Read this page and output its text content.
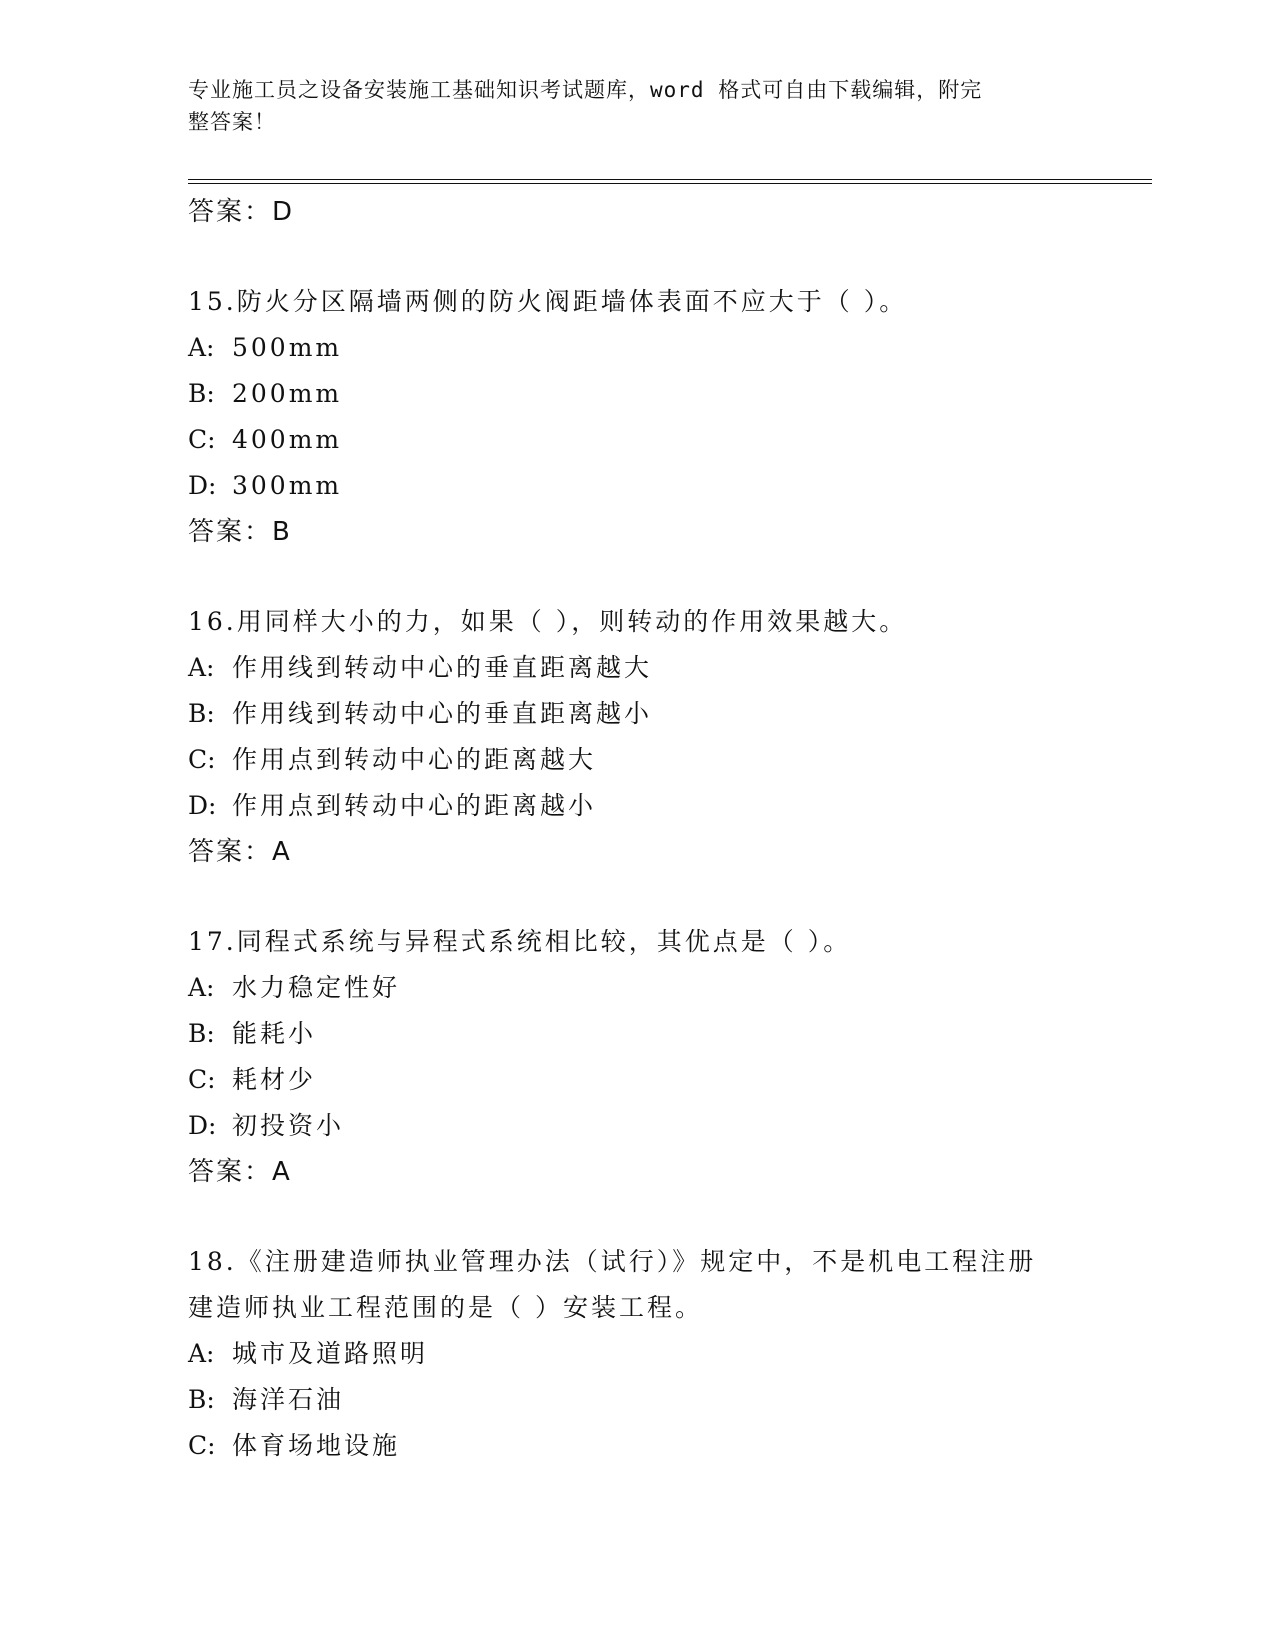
专业施工员之设备安装施工基础知识考试题库，word 格式可自由下载编辑，附完
整答案！
答案：D
15.防火分区隔墙两侧的防火阀距墙体表面不应大于（ ）。
A: 500mm
B: 200mm
C: 400mm
D: 300mm
答案：B
16.用同样大小的力，如果（ ），则转动的作用效果越大。
A: 作用线到转动中心的垂直距离越大
B: 作用线到转动中心的垂直距离越小
C: 作用点到转动中心的距离越大
D: 作用点到转动中心的距离越小
答案：A
17.同程式系统与异程式系统相比较，其优点是（ ）。
A: 水力稳定性好
B: 能耗小
C: 耗材少
D: 初投资小
答案：A
18.《注册建造师执业管理办法（试行）》规定中，不是机电工程注册
建造师执业工程范围的是（ ）安装工程。
A: 城市及道路照明
B: 海洋石油
C: 体育场地设施
